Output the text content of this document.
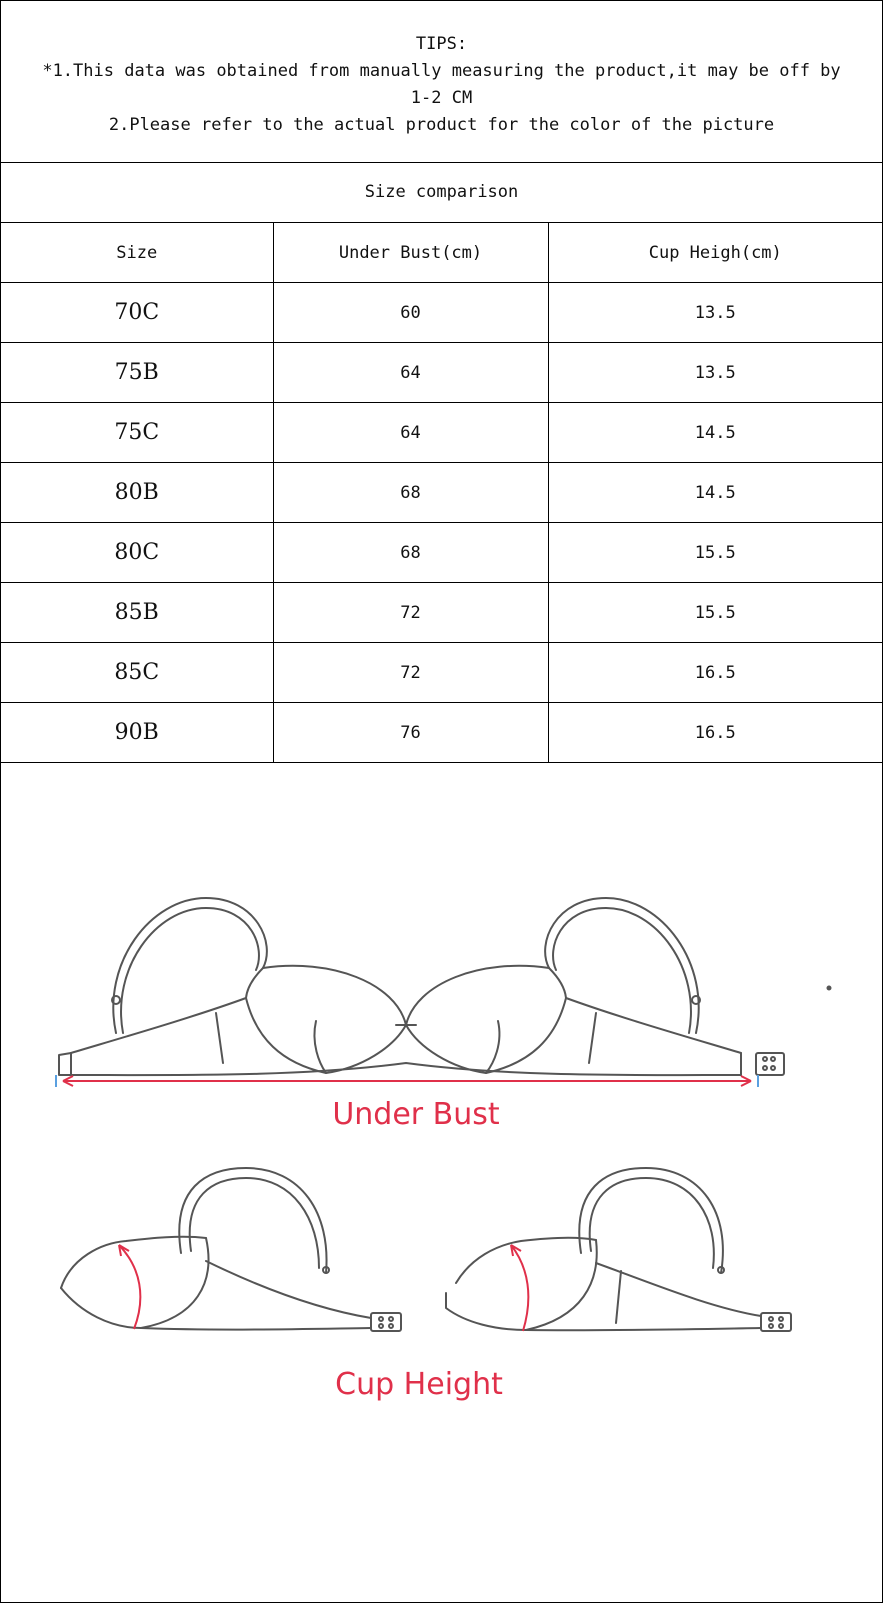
TIPS:
*1.This data was obtained from manually measuring the product,it may be off by
1-2 CM
2.Please refer to the actual product for the color of the picture
Size comparison
Size	Under Bust(cm)	Cup Heigh(cm)
70C	60	13.5
75B	64	13.5
75C	64	14.5
80B	68	14.5
80C	68	15.5
85B	72	15.5
85C	72	16.5
90B	76	16.5
Under Bust
Cup Height
